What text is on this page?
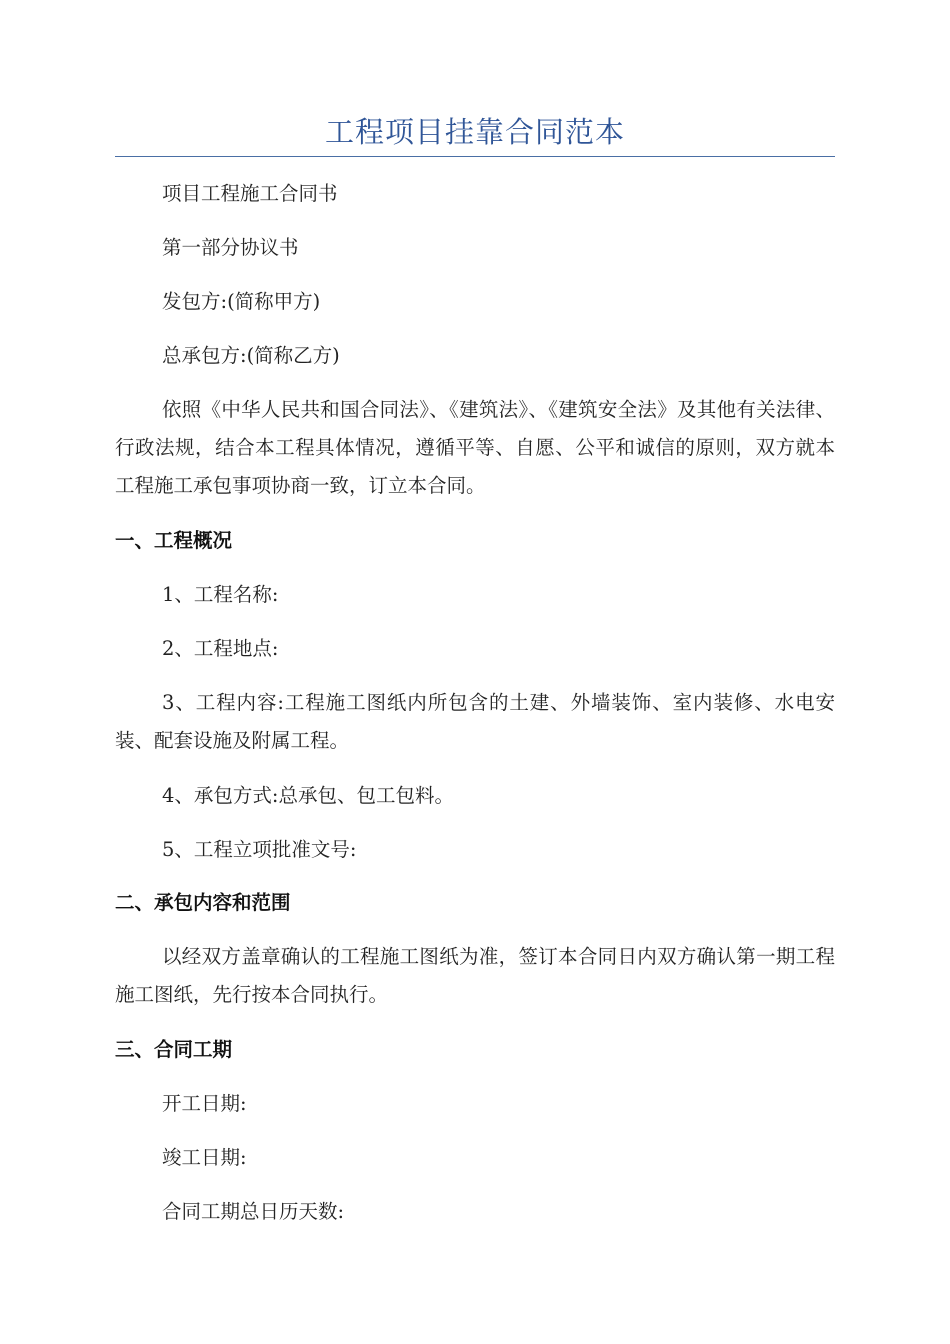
工程项目挂靠合同范本

项目工程施工合同书

第一部分协议书

发包方:(简称甲方)

总承包方:(简称乙方)

依照《中华人民共和国合同法》、《建筑法》、《建筑安全法》及其他有关法律、行政法规，结合本工程具体情况，遵循平等、自愿、公平和诚信的原则，双方就本工程施工承包事项协商一致，订立本合同。

一、工程概况

1、工程名称:

2、工程地点:

3、工程内容:工程施工图纸内所包含的土建、外墙装饰、室内装修、水电安装、配套设施及附属工程。

4、承包方式:总承包、包工包料。

5、工程立项批准文号:

二、承包内容和范围

以经双方盖章确认的工程施工图纸为准，签订本合同日内双方确认第一期工程施工图纸，先行按本合同执行。

三、合同工期

开工日期:

竣工日期:

合同工期总日历天数:
